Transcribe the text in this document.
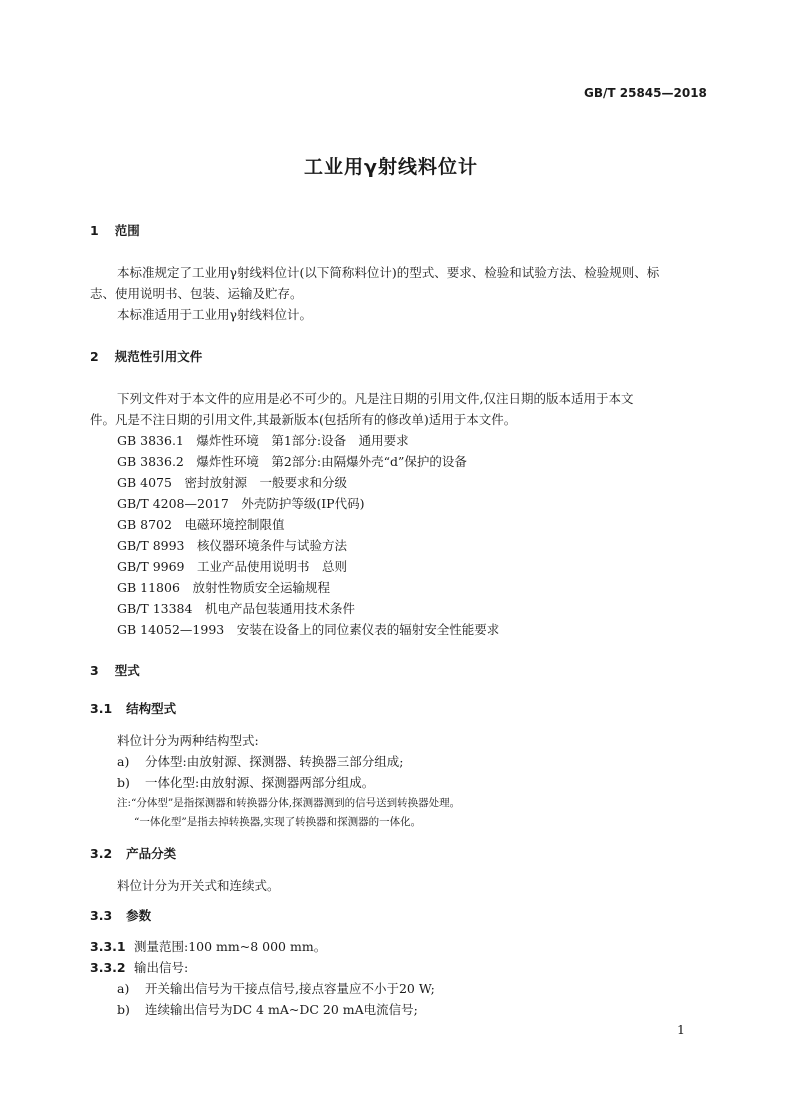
GB/T 25845—2018
工业用γ射线料位计
1 范围
本标准规定了工业用γ射线料位计(以下简称料位计)的型式、要求、检验和试验方法、检验规则、标
志、使用说明书、包装、运输及贮存。
本标准适用于工业用γ射线料位计。
2 规范性引用文件
下列文件对于本文件的应用是必不可少的。凡是注日期的引用文件,仅注日期的版本适用于本文
件。凡是不注日期的引用文件,其最新版本(包括所有的修改单)适用于本文件。
GB 3836.1　 爆炸性环境　第1部分:设备　通用要求
GB 3836.2　 爆炸性环境　第2部分:由隔爆外壳“d”保护的设备
GB 4075　 密封放射源　一般要求和分级
GB/T 4208—2017　 外壳防护等级(IP代码)
GB 8702　 电磁环境控制限值
GB/T 8993　 核仪器环境条件与试验方法
GB/T 9969　 工业产品使用说明书　总则
GB 11806　 放射性物质安全运输规程
GB/T 13384　 机电产品包装通用技术条件
GB 14052—1993　 安装在设备上的同位素仪表的辐射安全性能要求
3 型式
3.1 结构型式
料位计分为两种结构型式:
a) 分体型:由放射源、探测器、转换器三部分组成;
b) 一体化型:由放射源、探测器两部分组成。
注:“分体型”是指探测器和转换器分体,探测器测到的信号送到转换器处理。
“一体化型”是指去掉转换器,实现了转换器和探测器的一体化。
3.2 产品分类
料位计分为开关式和连续式。
3.3 参数
3.3.1 测量范围:100 mm~8 000 mm。
3.3.2 输出信号:
a) 开关输出信号为干接点信号,接点容量应不小于20 W;
b) 连续输出信号为DC 4 mA~DC 20 mA电流信号;
1
